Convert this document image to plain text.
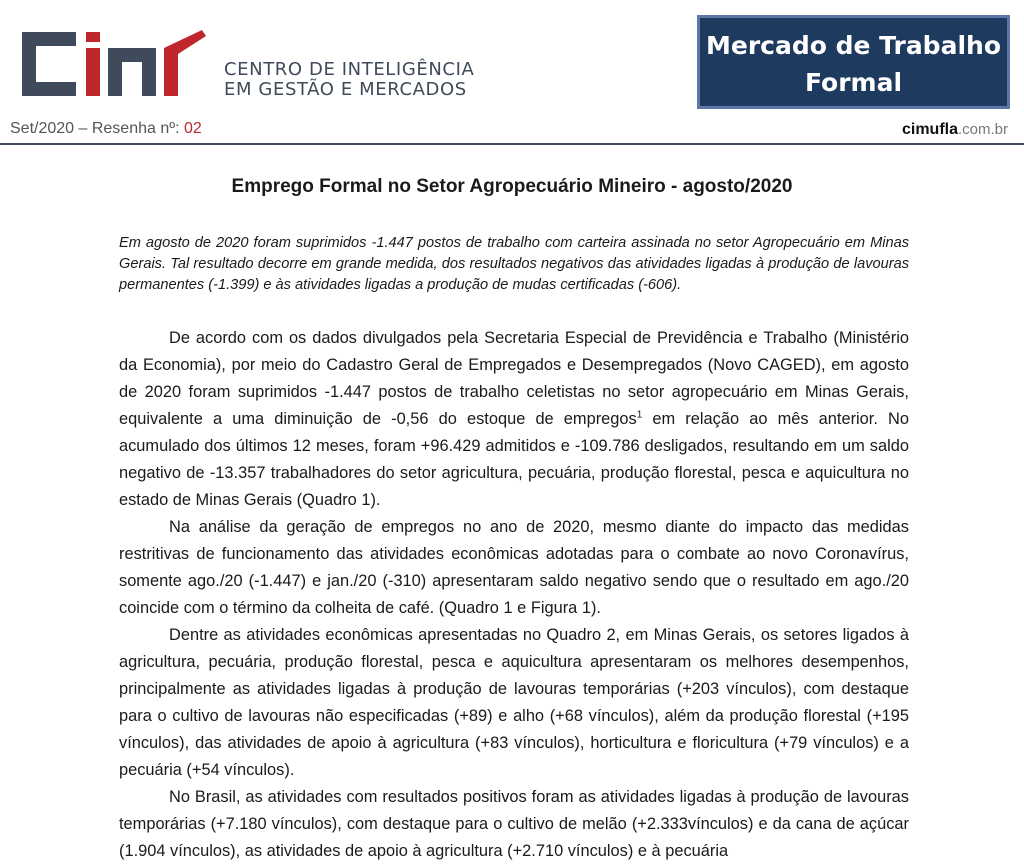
CENTRO DE INTELIGÊNCIA
EM GESTÃO E MERCADOS
Mercado de Trabalho
Formal
Set/2020 – Resenha nº: 02	cimufla.com.br
Emprego Formal no Setor Agropecuário Mineiro - agosto/2020
Em agosto de 2020 foram suprimidos -1.447 postos de trabalho com carteira assinada no setor Agropecuário em Minas Gerais. Tal resultado decorre em grande medida, dos resultados negativos das atividades ligadas à produção de lavouras permanentes (-1.399) e às atividades ligadas a produção de mudas certificadas (-606).

De acordo com os dados divulgados pela Secretaria Especial de Previdência e Trabalho (Ministério da Economia), por meio do Cadastro Geral de Empregados e Desempregados (Novo CAGED), em agosto de 2020 foram suprimidos -1.447 postos de trabalho celetistas no setor agropecuário em Minas Gerais, equivalente a uma diminuição de -0,56 do estoque de empregos$^1$ em relação ao mês anterior. No acumulado dos últimos 12 meses, foram +96.429 admitidos e -109.786 desligados, resultando em um saldo negativo de -13.357 trabalhadores do setor agricultura, pecuária, produção florestal, pesca e aquicultura no estado de Minas Gerais (Quadro 1).

Na análise da geração de empregos no ano de 2020, mesmo diante do impacto das medidas restritivas de funcionamento das atividades econômicas adotadas para o combate ao novo Coronavírus, somente ago./20 (-1.447) e jan./20 (-310) apresentaram saldo negativo sendo que o resultado em ago./20 coincide com o término da colheita de café. (Quadro 1 e Figura 1).

Dentre as atividades econômicas apresentadas no Quadro 2, em Minas Gerais, os setores ligados à agricultura, pecuária, produção florestal, pesca e aquicultura apresentaram os melhores desempenhos, principalmente as atividades ligadas à produção de lavouras temporárias (+203 vínculos), com destaque para o cultivo de lavouras não especificadas (+89) e alho (+68 vínculos), além da produção florestal (+195 vínculos), das atividades de apoio à agricultura (+83 vínculos), horticultura e floricultura (+79 vínculos) e a pecuária (+54 vínculos).

No Brasil, as atividades com resultados positivos foram as atividades ligadas à produção de lavouras temporárias (+7.180 vínculos), com destaque para o cultivo de melão (+2.333vínculos) e da cana de açúcar (1.904 vínculos), as atividades de apoio à agricultura (+2.710 vínculos) e à pecuária
